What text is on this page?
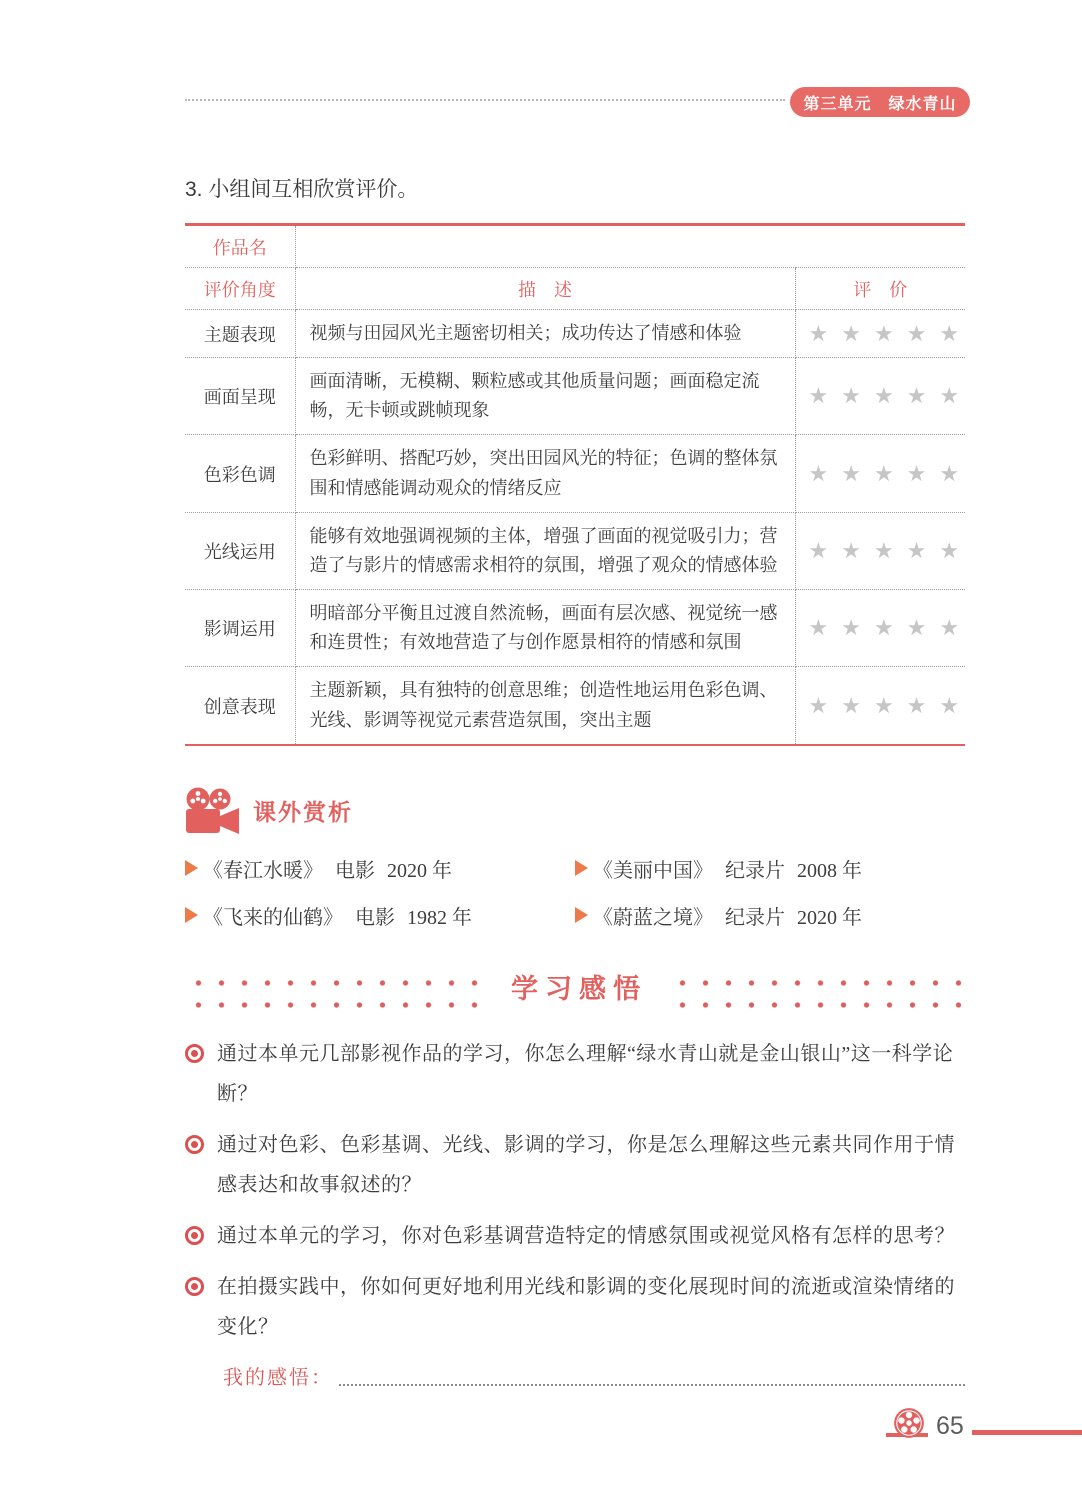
第三单元　绿水青山
3. 小组间互相欣赏评价。
作品名		
评价角度	描　述	评　价
主题表现	视频与田园风光主题密切相关；成功传达了情感和体验	★★★★★
画面呈现	画面清晰，无模糊、颗粒感或其他质量问题；画面稳定流畅，无卡顿或跳帧现象	★★★★★
色彩色调	色彩鲜明、搭配巧妙，突出田园风光的特征；色调的整体氛围和情感能调动观众的情绪反应	★★★★★
光线运用	能够有效地强调视频的主体，增强了画面的视觉吸引力；营造了与影片的情感需求相符的氛围，增强了观众的情感体验	★★★★★
影调运用	明暗部分平衡且过渡自然流畅，画面有层次感、视觉统一感和连贯性；有效地营造了与创作愿景相符的情感和氛围	★★★★★
创意表现	主题新颖，具有独特的创意思维；创造性地运用色彩色调、光线、影调等视觉元素营造氛围，突出主题	★★★★★
课外赏析
《春江水暖》 电影 2020 年	《美丽中国》 纪录片 2008 年
《飞来的仙鹤》 电影 1982 年	《蔚蓝之境》 纪录片 2020 年
学习感悟
通过本单元几部影视作品的学习，你怎么理解“绿水青山就是金山银山”这一科学论断？
通过对色彩、色彩基调、光线、影调的学习，你是怎么理解这些元素共同作用于情感表达和故事叙述的？
通过本单元的学习，你对色彩基调营造特定的情感氛围或视觉风格有怎样的思考？
在拍摄实践中，你如何更好地利用光线和影调的变化展现时间的流逝或渲染情绪的变化？
我的感悟：
65
